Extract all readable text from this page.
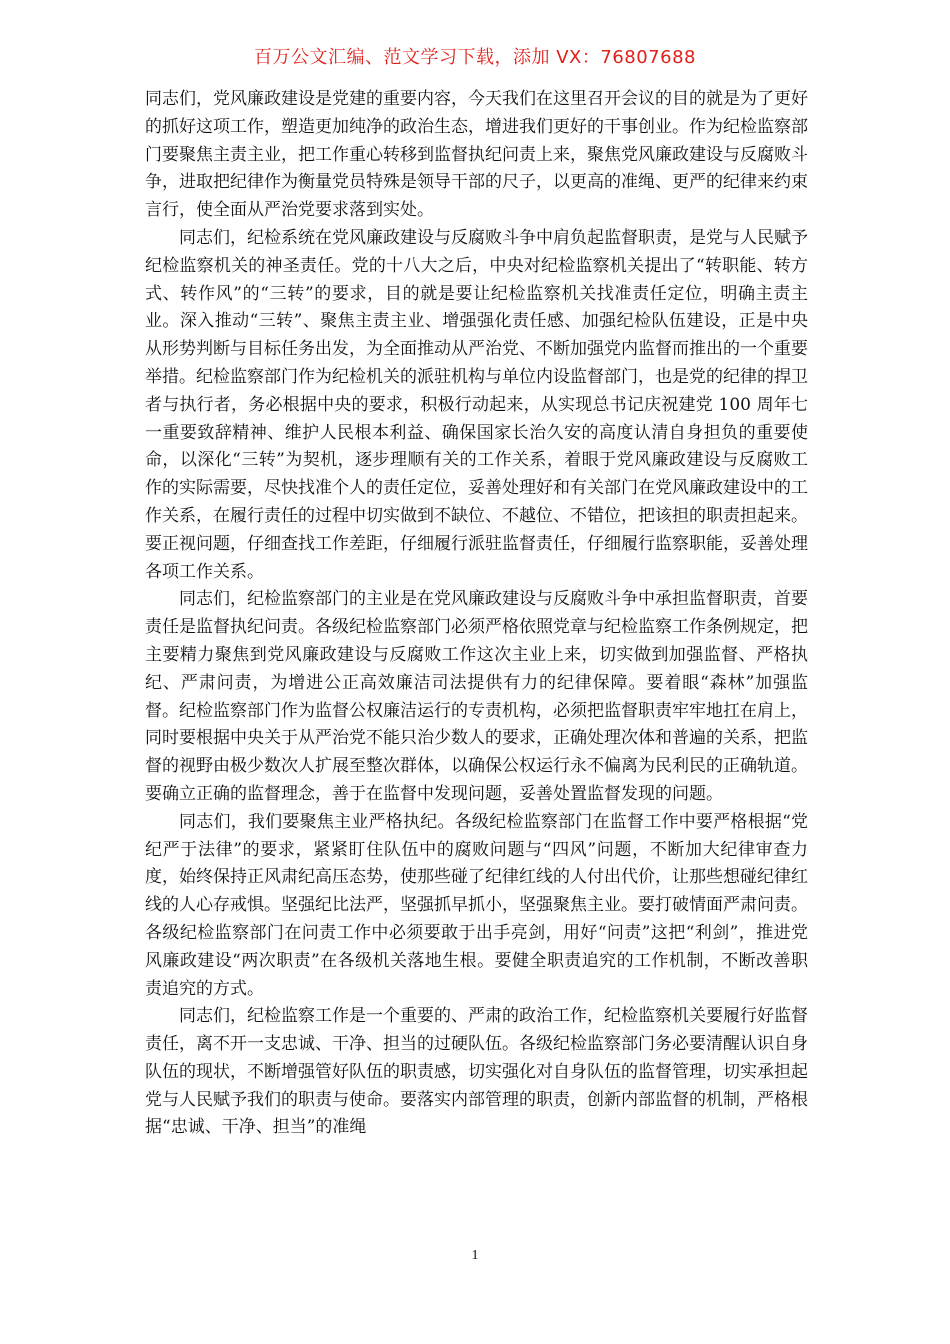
百万公文汇编、范文学习下载，添加 VX：76807688

同志们，党风廉政建设是党建的重要内容，今天我们在这里召开会议的目的就是为了更好的抓好这项工作，塑造更加纯净的政治生态，增进我们更好的干事创业。作为纪检监察部门要聚焦主责主业，把工作重心转移到监督执纪问责上来，聚焦党风廉政建设与反腐败斗争，进取把纪律作为衡量党员特殊是领导干部的尺子，以更高的准绳、更严的纪律来约束言行，使全面从严治党要求落到实处。

同志们，纪检系统在党风廉政建设与反腐败斗争中肩负起监督职责，是党与人民赋予纪检监察机关的神圣责任。党的十八大之后，中央对纪检监察机关提出了“转职能、转方式、转作风”的“三转”的要求，目的就是要让纪检监察机关找准责任定位，明确主责主业。深入推动“三转”、聚焦主责主业、增强强化责任感、加强纪检队伍建设，正是中央从形势判断与目标任务出发，为全面推动从严治党、不断加强党内监督而推出的一个重要举措。纪检监察部门作为纪检机关的派驻机构与单位内设监督部门，也是党的纪律的捍卫者与执行者，务必根据中央的要求，积极行动起来，从实现总书记庆祝建党 100 周年七一重要致辞精神、维护人民根本利益、确保国家长治久安的高度认清自身担负的重要使命，以深化“三转”为契机，逐步理顺有关的工作关系，着眼于党风廉政建设与反腐败工作的实际需要，尽快找准个人的责任定位，妥善处理好和有关部门在党风廉政建设中的工作关系，在履行责任的过程中切实做到不缺位、不越位、不错位，把该担的职责担起来。要正视问题，仔细查找工作差距，仔细履行派驻监督责任，仔细履行监察职能，妥善处理各项工作关系。

同志们，纪检监察部门的主业是在党风廉政建设与反腐败斗争中承担监督职责，首要责任是监督执纪问责。各级纪检监察部门必须严格依照党章与纪检监察工作条例规定，把主要精力聚焦到党风廉政建设与反腐败工作这次主业上来，切实做到加强监督、严格执纪、严肃问责，为增进公正高效廉洁司法提供有力的纪律保障。要着眼“森林”加强监督。纪检监察部门作为监督公权廉洁运行的专责机构，必须把监督职责牢牢地扛在肩上，同时要根据中央关于从严治党不能只治少数人的要求，正确处理次体和普遍的关系，把监督的视野由极少数次人扩展至整次群体，以确保公权运行永不偏离为民利民的正确轨道。要确立正确的监督理念，善于在监督中发现问题，妥善处置监督发现的问题。

同志们，我们要聚焦主业严格执纪。各级纪检监察部门在监督工作中要严格根据“党纪严于法律”的要求，紧紧盯住队伍中的腐败问题与“四风”问题，不断加大纪律审查力度，始终保持正风肃纪高压态势，使那些碰了纪律红线的人付出代价，让那些想碰纪律红线的人心存戒惧。坚强纪比法严，坚强抓早抓小，坚强聚焦主业。要打破情面严肃问责。各级纪检监察部门在问责工作中必须要敢于出手亮剑，用好“问责”这把“利剑”，推进党风廉政建设“两次职责”在各级机关落地生根。要健全职责追究的工作机制，不断改善职责追究的方式。

同志们，纪检监察工作是一个重要的、严肃的政治工作，纪检监察机关要履行好监督责任，离不开一支忠诚、干净、担当的过硬队伍。各级纪检监察部门务必要清醒认识自身队伍的现状，不断增强管好队伍的职责感，切实强化对自身队伍的监督管理，切实承担起党与人民赋予我们的职责与使命。要落实内部管理的职责，创新内部监督的机制，严格根据“忠诚、干净、担当”的准绳

1
